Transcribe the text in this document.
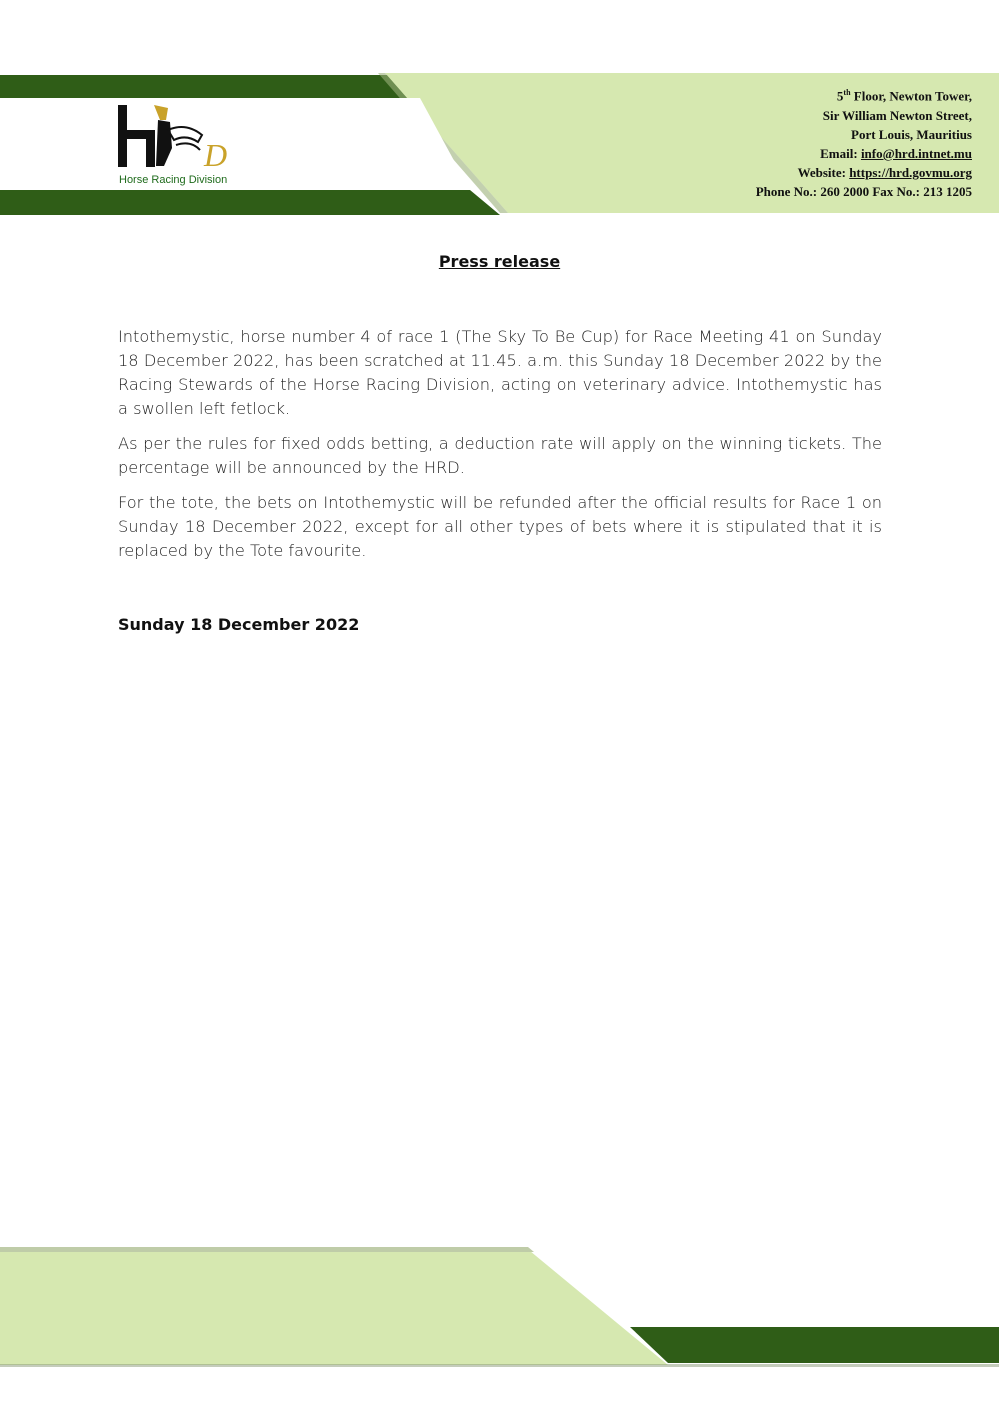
D
Horse Racing Division
5th Floor, Newton Tower,
Sir William Newton Street,
Port Louis, Mauritius
Email: info@hrd.intnet.mu
Website: https://hrd.govmu.org
Phone No.: 260 2000 Fax No.: 213 1205
Press release

Intothemystic, horse number 4 of race 1 (The Sky To Be Cup) for Race Meeting 41 on Sunday 18 December 2022, has been scratched at 11.45. a.m. this Sunday 18 December 2022 by the Racing Stewards of the Horse Racing Division, acting on veterinary advice. Intothemystic has a swollen left fetlock.

As per the rules for fixed odds betting, a deduction rate will apply on the winning tickets. The percentage will be announced by the HRD.

For the tote, the bets on Intothemystic will be refunded after the official results for Race 1 on Sunday 18 December 2022, except for all other types of bets where it is stipulated that it is replaced by the Tote favourite.

Sunday 18 December 2022
